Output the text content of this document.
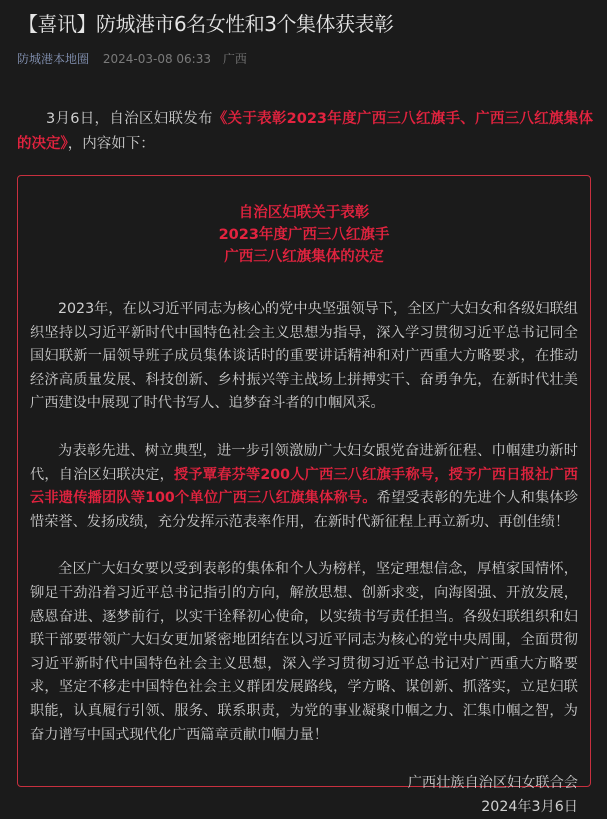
【喜讯】防城港市6名女性和3个集体获表彰
防城港本地圈 2024-03-08 06:33 广西

3月6日，自治区妇联发布《关于表彰2023年度广西三八红旗手、广西三八红旗集体的决定》，内容如下：

自治区妇联关于表彰
2023年度广西三八红旗手
广西三八红旗集体的决定

2023年，在以习近平同志为核心的党中央坚强领导下，全区广大妇女和各级妇联组织坚持以习近平新时代中国特色社会主义思想为指导，深入学习贯彻习近平总书记同全国妇联新一届领导班子成员集体谈话时的重要讲话精神和对广西重大方略要求，在推动经济高质量发展、科技创新、乡村振兴等主战场上拼搏实干、奋勇争先，在新时代壮美广西建设中展现了时代书写人、追梦奋斗者的巾帼风采。

为表彰先进、树立典型，进一步引领激励广大妇女跟党奋进新征程、巾帼建功新时代，自治区妇联决定，授予覃春芬等200人广西三八红旗手称号，授予广西日报社广西云非遗传播团队等100个单位广西三八红旗集体称号。希望受表彰的先进个人和集体珍惜荣誉、发扬成绩，充分发挥示范表率作用，在新时代新征程上再立新功、再创佳绩！

全区广大妇女要以受到表彰的集体和个人为榜样，坚定理想信念，厚植家国情怀，铆足干劲沿着习近平总书记指引的方向，解放思想、创新求变，向海图强、开放发展，感恩奋进、逐梦前行，以实干诠释初心使命，以实绩书写责任担当。各级妇联组织和妇联干部要带领广大妇女更加紧密地团结在以习近平同志为核心的党中央周围，全面贯彻习近平新时代中国特色社会主义思想，深入学习贯彻习近平总书记对广西重大方略要求，坚定不移走中国特色社会主义群团发展路线，学方略、谋创新、抓落实，立足妇联职能，认真履行引领、服务、联系职责，为党的事业凝聚巾帼之力、汇集巾帼之智，为奋力谱写中国式现代化广西篇章贡献巾帼力量！

广西壮族自治区妇女联合会
2024年3月6日
